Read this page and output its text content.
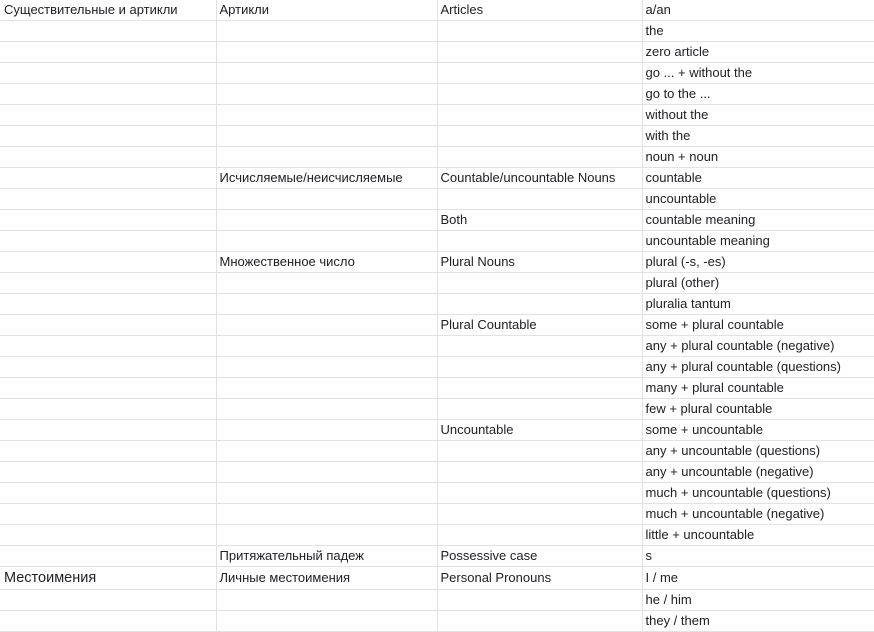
Существительные и артикли	Артикли	Articles	a/an
			the
			zero article
			go ... + without the
			go to the ...
			without the
			with the
			noun + noun
	Исчисляемые/неисчисляемые	Countable/uncountable Nouns	countable
			uncountable
		Both	countable meaning
			uncountable meaning
	Множественное число	Plural Nouns	plural (-s, -es)
			plural (other)
			pluralia tantum
		Plural Countable	some + plural countable
			any + plural countable (negative)
			any + plural countable (questions)
			many + plural countable
			few + plural countable
		Uncountable	some + uncountable
			any + uncountable (questions)
			any + uncountable (negative)
			much + uncountable (questions)
			much + uncountable (negative)
			little + uncountable
	Притяжательный падеж	Possessive case	s
Местоимения	Личные местоимения	Personal Pronouns	I / me
			he / him
			they / them
